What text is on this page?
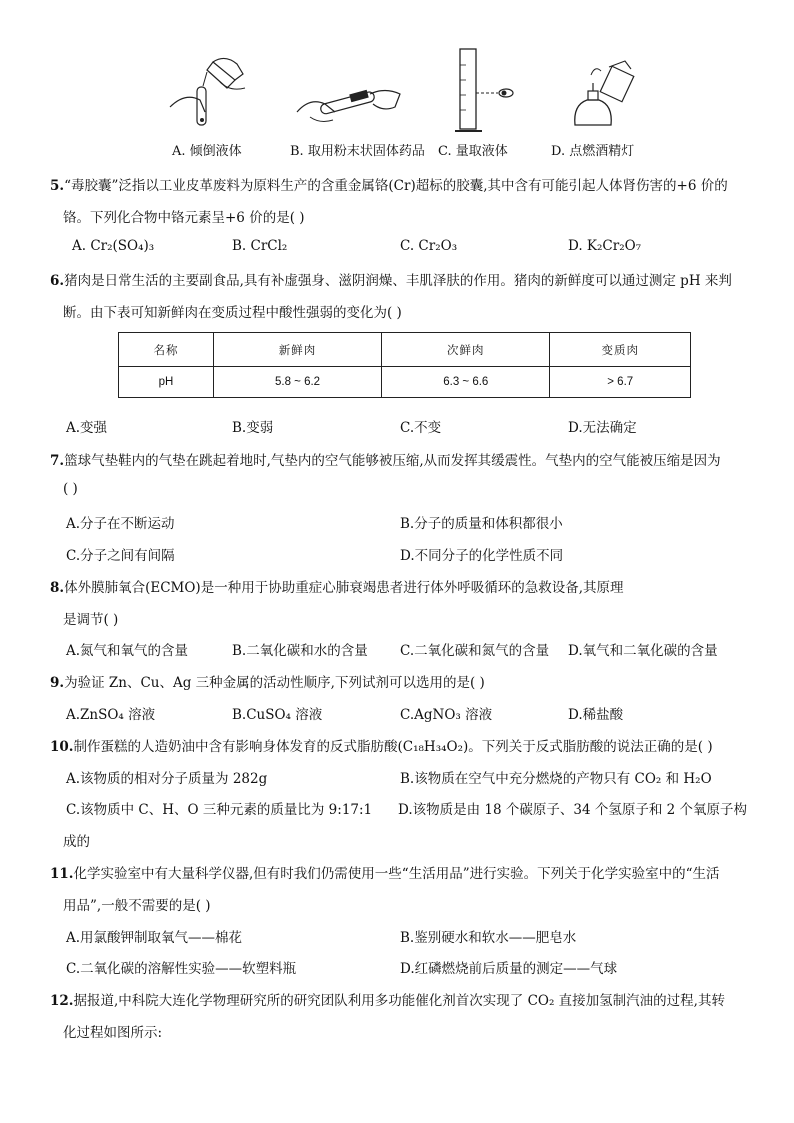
A. 倾倒液体	B. 取用粉末状固体药品 C. 量取液体	D. 点燃酒精灯
5.“毒胶囊”泛指以工业皮革废料为原料生产的含重金属铬(Cr)超标的胶囊,其中含有可能引起人体肾伤害的+6 价的
铬。下列化合物中铬元素呈+6 价的是( )
A. Cr₂(SO₄)₃	B. CrCl₂	C. Cr₂O₃	D. K₂Cr₂O₇
6.猪肉是日常生活的主要副食品,具有补虚强身、滋阴润燥、丰肌泽肤的作用。猪肉的新鲜度可以通过测定 pH 来判
断。由下表可知新鲜肉在变质过程中酸性强弱的变化为( )
名称	新鲜肉	次鲜肉	变质肉
pH	5.8 ~ 6.2	6.3 ~ 6.6	> 6.7
A.变强	B.变弱	C.不变	D.无法确定
7.篮球气垫鞋内的气垫在跳起着地时,气垫内的空气能够被压缩,从而发挥其缓震性。气垫内的空气能被压缩是因为
( )
A.分子在不断运动	B.分子的质量和体积都很小
C.分子之间有间隔	D.不同分子的化学性质不同
8.体外膜肺氧合(ECMO)是一种用于协助重症心肺衰竭患者进行体外呼吸循环的急救设备,其原理
是调节( )
A.氮气和氧气的含量	B.二氧化碳和水的含量 C.二氧化碳和氮气的含量 D.氧气和二氧化碳的含量
9.为验证 Zn、Cu、Ag 三种金属的活动性顺序,下列试剂可以选用的是( )
A.ZnSO₄ 溶液	B.CuSO₄ 溶液	C.AgNO₃ 溶液	D.稀盐酸
10.制作蛋糕的人造奶油中含有影响身体发育的反式脂肪酸(C₁₈H₃₄O₂)。下列关于反式脂肪酸的说法正确的是( )
A.该物质的相对分子质量为 282g	B.该物质在空气中充分燃烧的产物只有 CO₂ 和 H₂O
C.该物质中 C、H、O 三种元素的质量比为 9:17:1 D.该物质是由 18 个碳原子、34 个氢原子和 2 个氧原子构
成的
11.化学实验室中有大量科学仪器,但有时我们仍需使用一些“生活用品”进行实验。下列关于化学实验室中的“生活
用品”,一般不需要的是( )
A.用氯酸钾制取氧气——棉花	B.鉴别硬水和软水——肥皂水
C.二氧化碳的溶解性实验——软塑料瓶	D.红磷燃烧前后质量的测定——气球
12.据报道,中科院大连化学物理研究所的研究团队利用多功能催化剂首次实现了 CO₂ 直接加氢制汽油的过程,其转
化过程如图所示:
